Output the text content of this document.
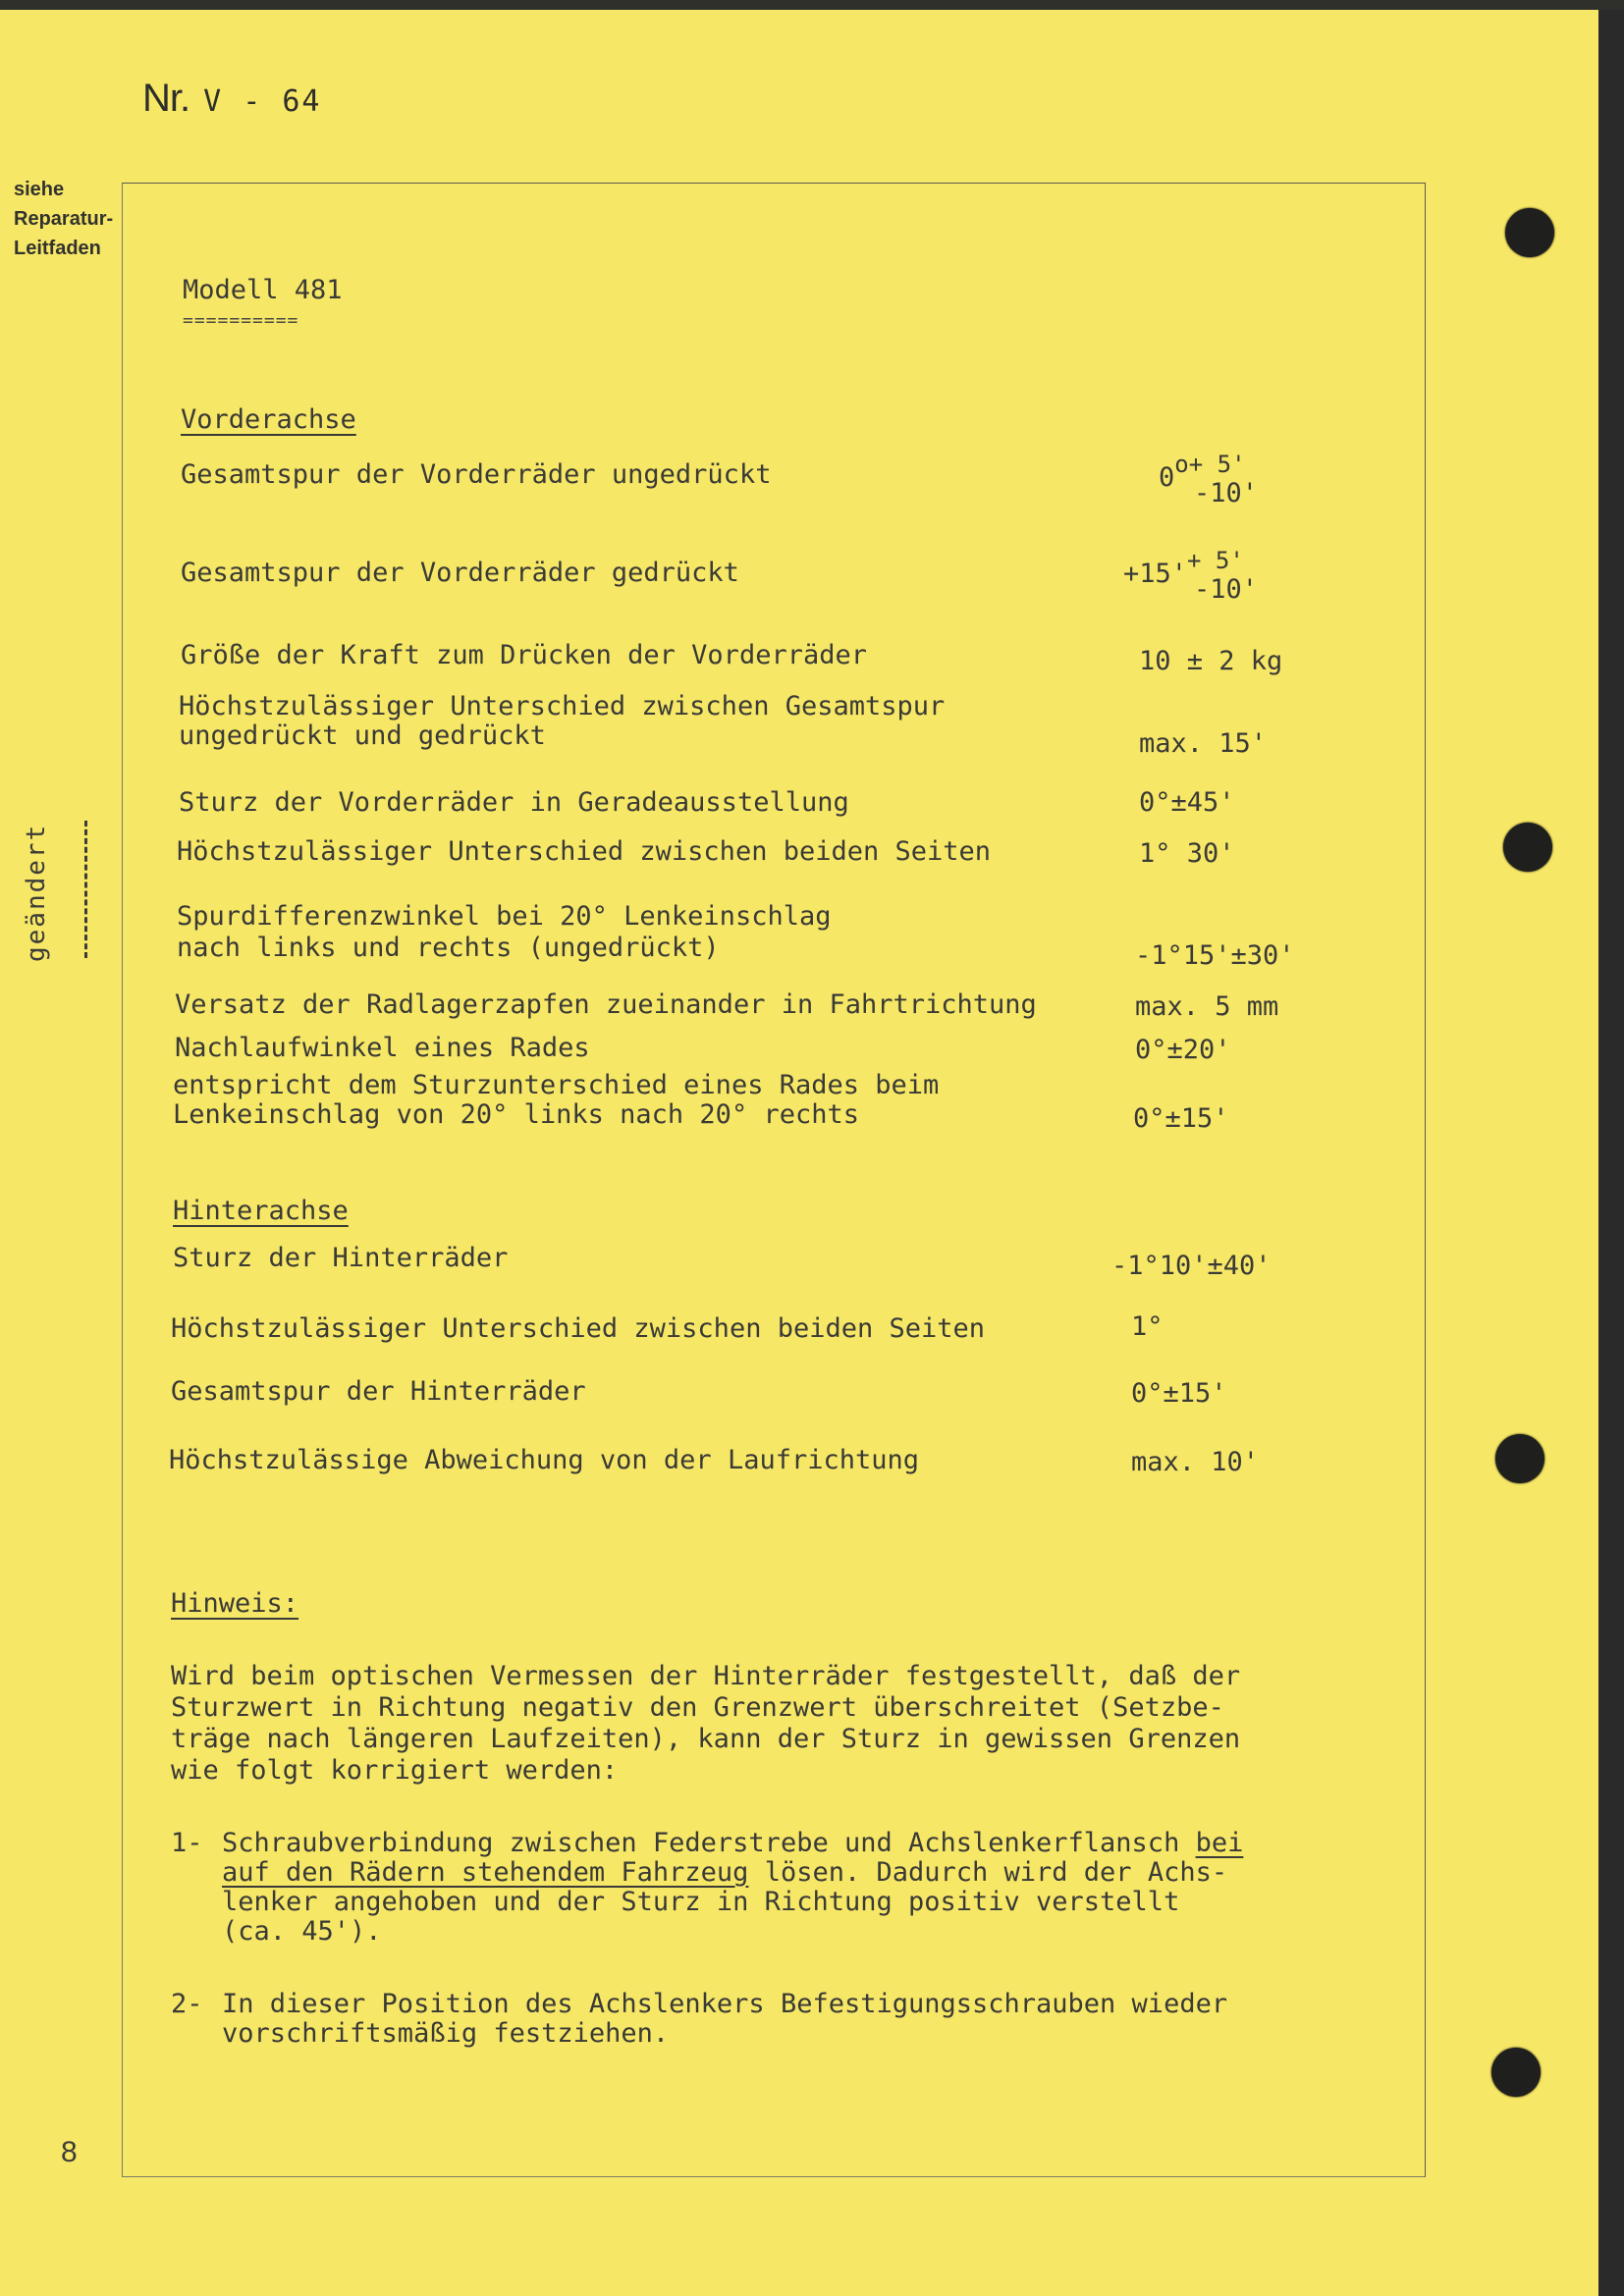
Nr. V - 64
siehe
Reparatur-
Leitfaden
geändert
Modell 481
==========
Vorderachse
Gesamtspur der Vorderräder ungedrückt	0o+ 5'
-10'
Gesamtspur der Vorderräder gedrückt	+15'+ 5'
-10'
Größe der Kraft zum Drücken der Vorderräder	10 ± 2 kg
Höchstzulässiger Unterschied zwischen Gesamtspur
ungedrückt und gedrückt	max. 15'
Sturz der Vorderräder in Geradeausstellung	0°±45'
Höchstzulässiger Unterschied zwischen beiden Seiten	1° 30'
Spurdifferenzwinkel bei 20° Lenkeinschlag
nach links und rechts (ungedrückt)	-1°15'±30'
Versatz der Radlagerzapfen zueinander in Fahrtrichtung	max. 5 mm
Nachlaufwinkel eines Rades	0°±20'
entspricht dem Sturzunterschied eines Rades beim
Lenkeinschlag von 20° links nach 20° rechts	0°±15'
Hinterachse
Sturz der Hinterräder	-1°10'±40'
Höchstzulässiger Unterschied zwischen beiden Seiten	1°
Gesamtspur der Hinterräder	0°±15'
Höchstzulässige Abweichung von der Laufrichtung	max. 10'
Hinweis:
Wird beim optischen Vermessen der Hinterräder festgestellt, daß der
Sturzwert in Richtung negativ den Grenzwert überschreitet (Setzbe-
träge nach längeren Laufzeiten), kann der Sturz in gewissen Grenzen
wie folgt korrigiert werden:
1- Schraubverbindung zwischen Federstrebe und Achslenkerflansch bei
auf den Rädern stehendem Fahrzeug lösen. Dadurch wird der Achs-
lenker angehoben und der Sturz in Richtung positiv verstellt
(ca. 45').
2- In dieser Position des Achslenkers Befestigungsschrauben wieder
vorschriftsmäßig festziehen.
8
